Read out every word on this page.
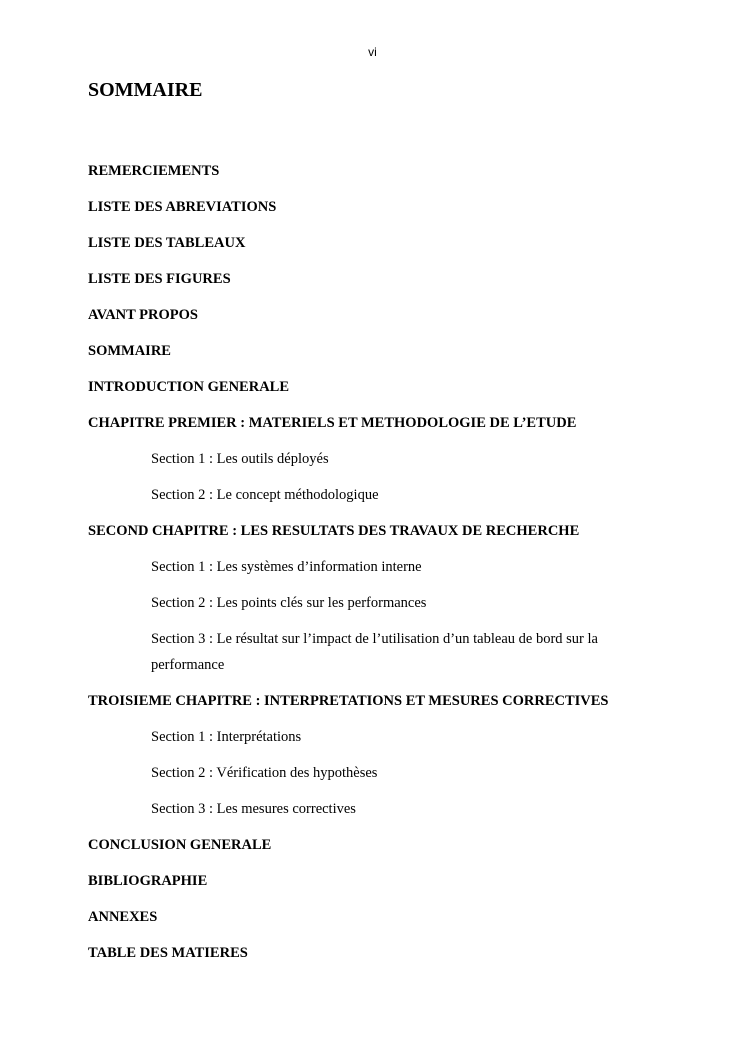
vi
SOMMAIRE
REMERCIEMENTS
LISTE DES ABREVIATIONS
LISTE DES TABLEAUX
LISTE DES FIGURES
AVANT PROPOS
SOMMAIRE
INTRODUCTION GENERALE
CHAPITRE PREMIER : MATERIELS ET METHODOLOGIE DE L’ETUDE
Section 1 : Les outils déployés
Section 2 : Le concept méthodologique
SECOND CHAPITRE : LES RESULTATS DES TRAVAUX DE RECHERCHE
Section 1 : Les systèmes d’information interne
Section 2 : Les points clés sur les performances
Section 3 : Le résultat sur l’impact de l’utilisation d’un tableau de bord sur la performance
TROISIEME CHAPITRE : INTERPRETATIONS ET MESURES CORRECTIVES
Section 1 : Interprétations
Section 2 : Vérification des hypothèses
Section 3 : Les mesures correctives
CONCLUSION GENERALE
BIBLIOGRAPHIE
ANNEXES
TABLE DES MATIERES
